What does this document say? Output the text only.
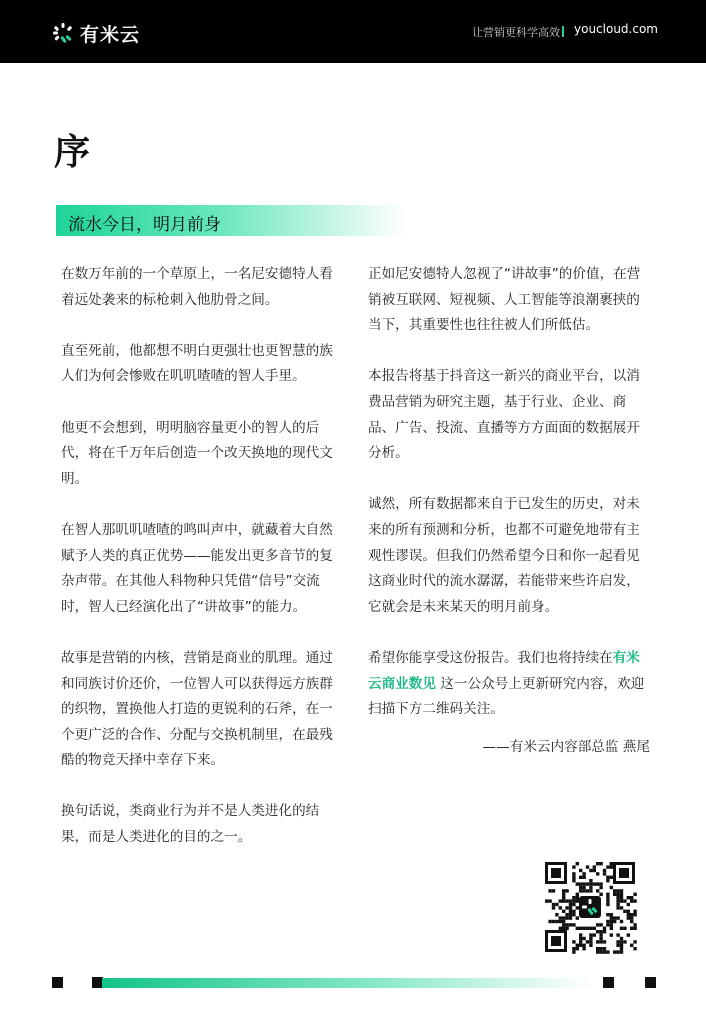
有米云	让营销更科学高效 youcloud.com
序
流水今日，明月前身

在数万年前的一个草原上，一名尼安德特人看着远处袭来的标枪刺入他肋骨之间。

直至死前，他都想不明白更强壮也更智慧的族人们为何会惨败在叽叽喳喳的智人手里。

他更不会想到，明明脑容量更小的智人的后代，将在千万年后创造一个改天换地的现代文明。

在智人那叽叽喳喳的鸣叫声中，就藏着大自然赋予人类的真正优势——能发出更多音节的复杂声带。在其他人科物种只凭借“信号”交流时，智人已经演化出了“讲故事”的能力。

故事是营销的内核，营销是商业的肌理。通过和同族讨价还价，一位智人可以获得远方族群的织物，置换他人打造的更锐利的石斧，在一个更广泛的合作、分配与交换机制里，在最残酷的物竞天择中幸存下来。

换句话说，类商业行为并不是人类进化的结果，而是人类进化的目的之一。

正如尼安德特人忽视了“讲故事”的价值，在营销被互联网、短视频、人工智能等浪潮裹挟的当下，其重要性也往往被人们所低估。

本报告将基于抖音这一新兴的商业平台，以消费品营销为研究主题，基于行业、企业、商品、广告、投流、直播等方方面面的数据展开分析。

诚然，所有数据都来自于已发生的历史，对未来的所有预测和分析，也都不可避免地带有主观性谬误。但我们仍然希望今日和你一起看见这商业时代的流水潺潺，若能带来些许启发，它就会是未来某天的明月前身。

希望你能享受这份报告。我们也将持续在有米云商业数见 这一公众号上更新研究内容，欢迎扫描下方二维码关注。

——有米云内容部总监 燕尾
